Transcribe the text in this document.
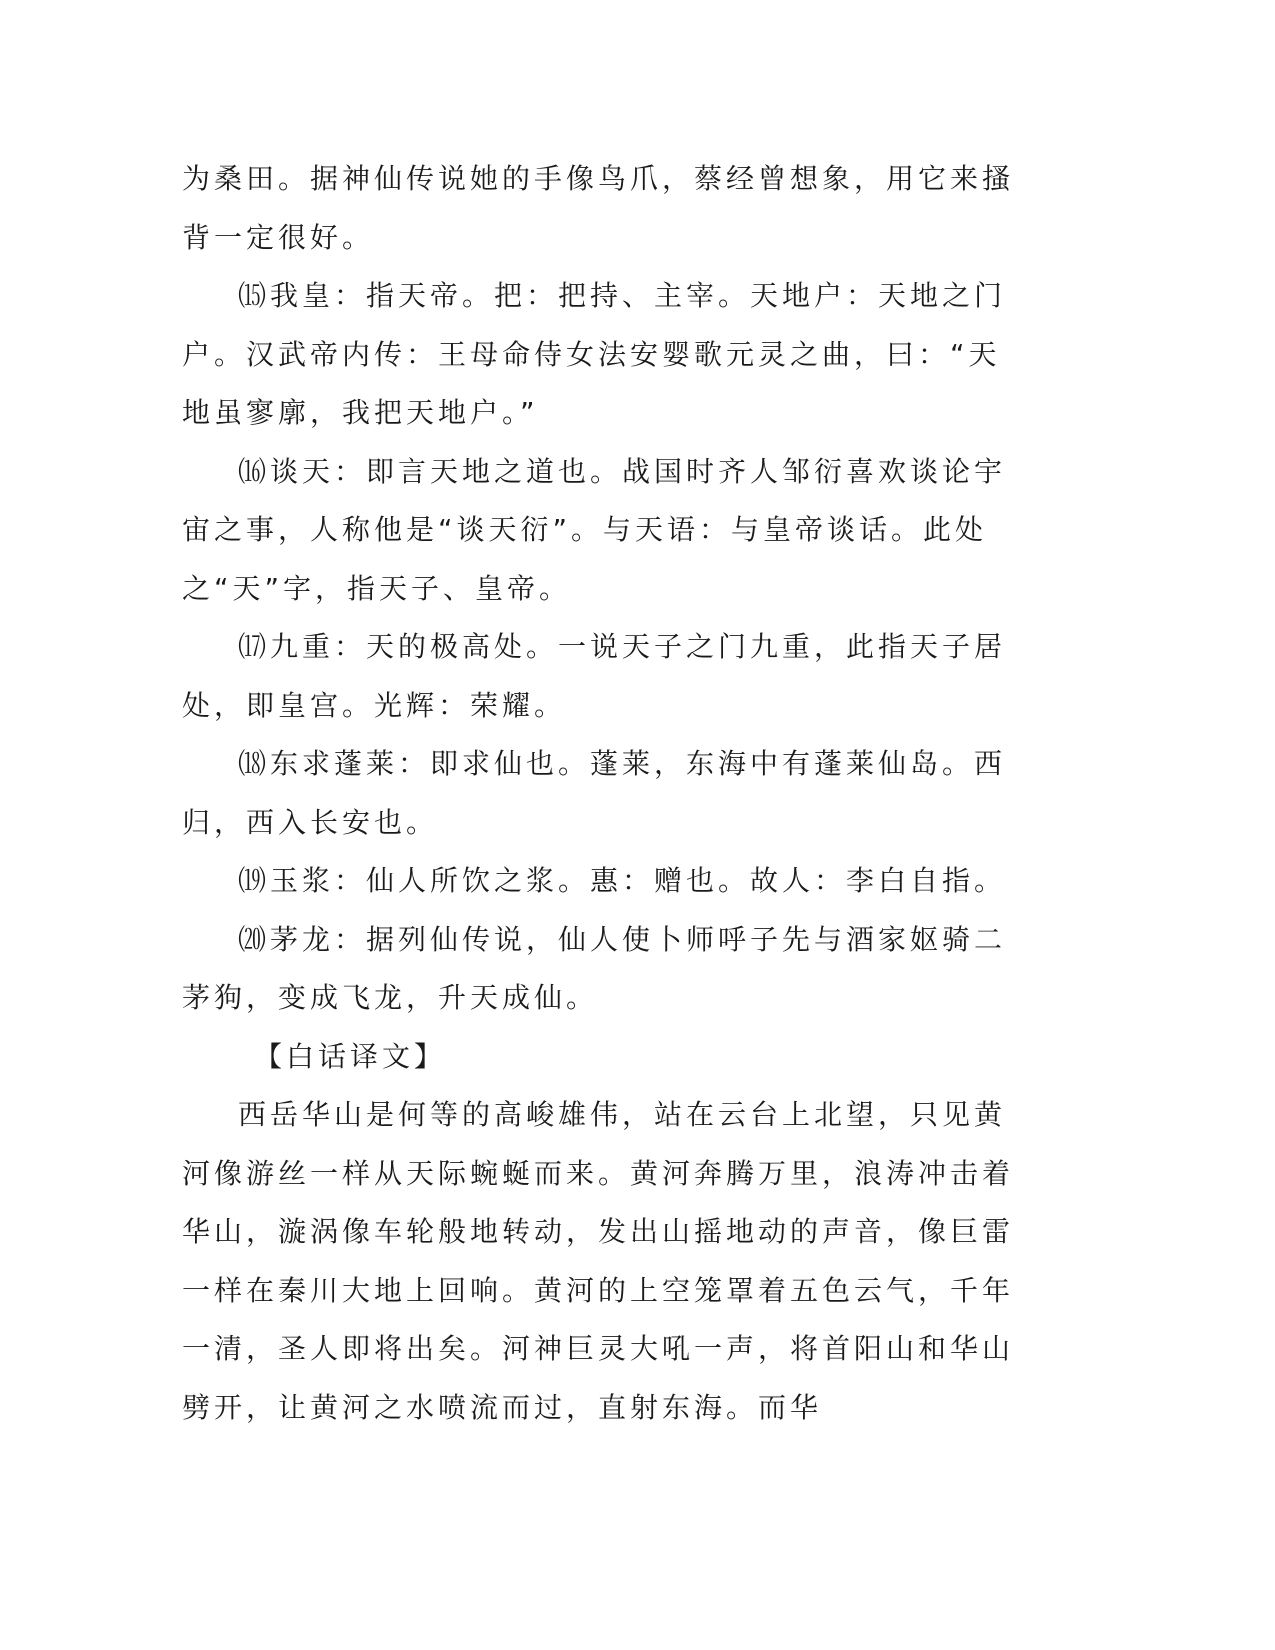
为桑田。据神仙传说她的手像鸟爪，蔡经曾想象，用它来搔背一定很好。

⒂我皇：指天帝。把：把持、主宰。天地户：天地之门户。汉武帝内传：王母命侍女法安婴歌元灵之曲，曰：“天地虽寥廓，我把天地户。”

⒃谈天：即言天地之道也。战国时齐人邹衍喜欢谈论宇宙之事，人称他是“谈天衍”。与天语：与皇帝谈话。此处之“天”字，指天子、皇帝。

⒄九重：天的极高处。一说天子之门九重，此指天子居处，即皇宫。光辉：荣耀。

⒅东求蓬莱：即求仙也。蓬莱，东海中有蓬莱仙岛。西归，西入长安也。

⒆玉浆：仙人所饮之浆。惠：赠也。故人：李白自指。

⒇茅龙：据列仙传说，仙人使卜师呼子先与酒家妪骑二茅狗，变成飞龙，升天成仙。

【白话译文】

西岳华山是何等的高峻雄伟，站在云台上北望，只见黄河像游丝一样从天际蜿蜒而来。黄河奔腾万里，浪涛冲击着华山，漩涡像车轮般地转动，发出山摇地动的声音，像巨雷一样在秦川大地上回响。黄河的上空笼罩着五色云气，千年一清，圣人即将出矣。河神巨灵大吼一声，将首阳山和华山劈开，让黄河之水喷流而过，直射东海。而华
